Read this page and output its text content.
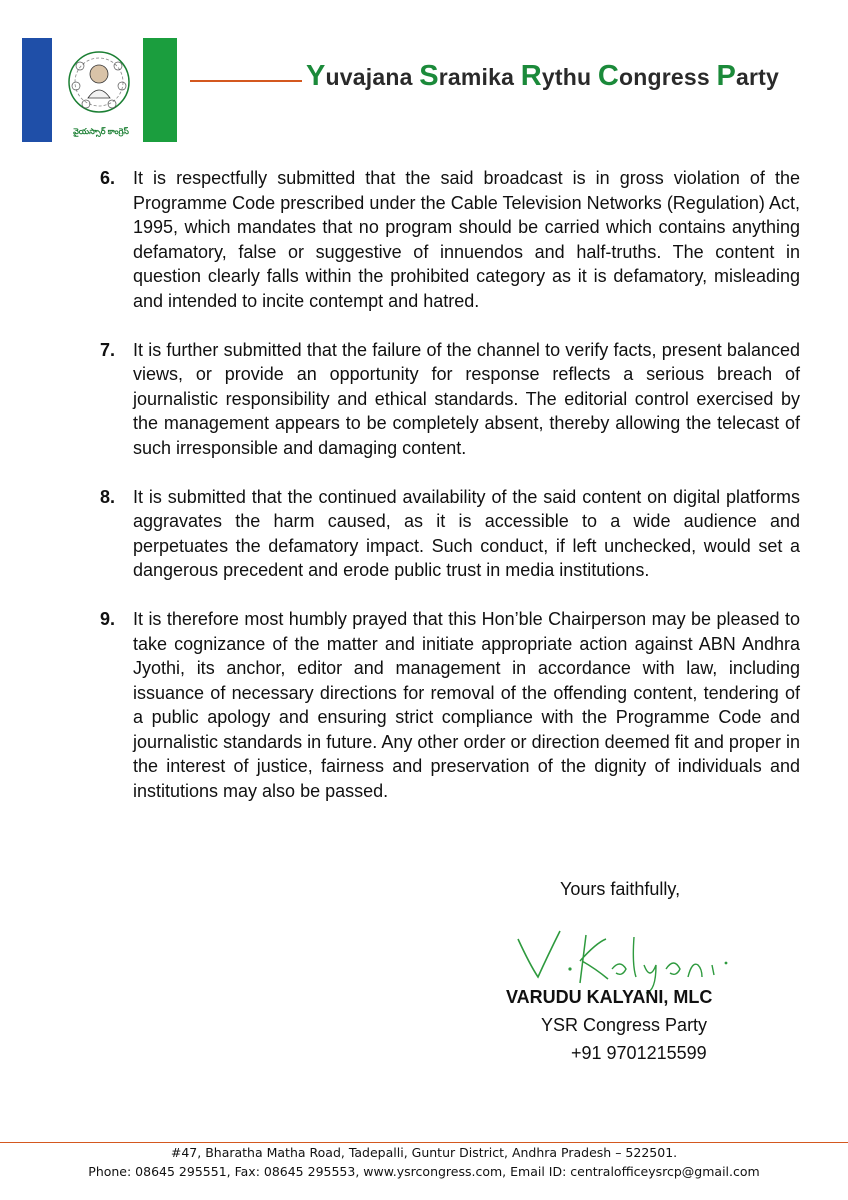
వైయస్సార్ కాంగ్రెస్
Yuvajana Sramika Rythu Congress Party
6. It is respectfully submitted that the said broadcast is in gross violation of the Programme Code prescribed under the Cable Television Networks (Regulation) Act, 1995, which mandates that no program should be carried which contains anything defamatory, false or suggestive of innuendos and half-truths. The content in question clearly falls within the prohibited category as it is defamatory, misleading and intended to incite contempt and hatred.
7. It is further submitted that the failure of the channel to verify facts, present balanced views, or provide an opportunity for response reflects a serious breach of journalistic responsibility and ethical standards. The editorial control exercised by the management appears to be completely absent, thereby allowing the telecast of such irresponsible and damaging content.
8. It is submitted that the continued availability of the said content on digital platforms aggravates the harm caused, as it is accessible to a wide audience and perpetuates the defamatory impact. Such conduct, if left unchecked, would set a dangerous precedent and erode public trust in media institutions.
9. It is therefore most humbly prayed that this Hon’ble Chairperson may be pleased to take cognizance of the matter and initiate appropriate action against ABN Andhra Jyothi, its anchor, editor and management in accordance with law, including issuance of necessary directions for removal of the offending content, tendering of a public apology and ensuring strict compliance with the Programme Code and journalistic standards in future. Any other order or direction deemed fit and proper in the interest of justice, fairness and preservation of the dignity of individuals and institutions may also be passed.
Yours faithfully,
VARUDU KALYANI, MLC
YSR Congress Party
+91 9701215599
#47, Bharatha Matha Road, Tadepalli, Guntur District, Andhra Pradesh – 522501.
Phone: 08645 295551, Fax: 08645 295553, www.ysrcongress.com, Email ID: centralofficeysrcp@gmail.com
